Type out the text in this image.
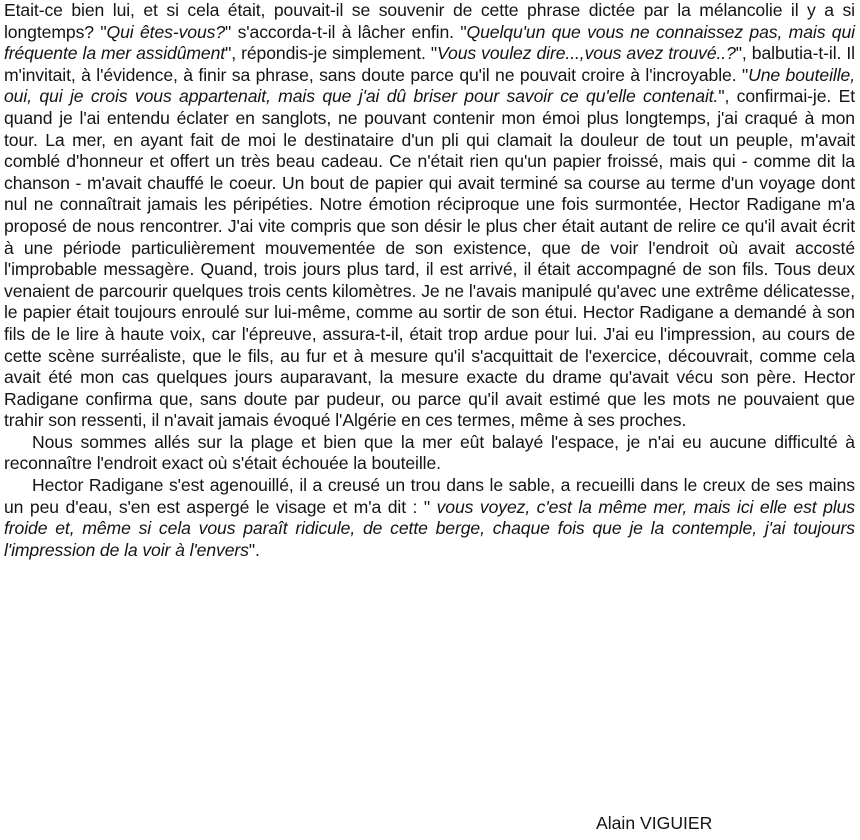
Etait-ce bien lui, et si cela était, pouvait-il se souvenir de cette phrase dictée par la mélancolie il y a si longtemps? "Qui êtes-vous?" s'accorda-t-il à lâcher enfin. "Quelqu'un que vous ne connaissez pas, mais qui fréquente la mer assidûment", répondis-je simplement. "Vous voulez dire...,vous avez trouvé..?", balbutia-t-il. Il m'invitait, à l'évidence, à finir sa phrase, sans doute parce qu'il ne pouvait croire à l'incroyable. "Une bouteille, oui, qui je crois vous appartenait, mais que j'ai dû briser pour savoir ce qu'elle contenait.", confirmai-je. Et quand je l'ai entendu éclater en sanglots, ne pouvant contenir mon émoi plus longtemps, j'ai craqué à mon tour. La mer, en ayant fait de moi le destinataire d'un pli qui clamait la douleur de tout un peuple, m'avait comblé d'honneur et offert un très beau cadeau. Ce n'était rien qu'un papier froissé, mais qui - comme dit la chanson - m'avait chauffé le coeur. Un bout de papier qui avait terminé sa course au terme d'un voyage dont nul ne connaîtrait jamais les péripéties. Notre émotion réciproque une fois surmontée, Hector Radigane m'a proposé de nous rencontrer. J'ai vite compris que son désir le plus cher était autant de relire ce qu'il avait écrit à une période particulièrement mouvementée de son existence, que de voir l'endroit où avait accosté l'improbable messagère. Quand, trois jours plus tard, il est arrivé, il était accompagné de son fils. Tous deux venaient de parcourir quelques trois cents kilomètres. Je ne l'avais manipulé qu'avec une extrême délicatesse, le papier était toujours enroulé sur lui-même, comme au sortir de son étui. Hector Radigane a demandé à son fils de le lire à haute voix, car l'épreuve, assura-t-il, était trop ardue pour lui. J'ai eu l'impression, au cours de cette scène surréaliste, que le fils, au fur et à mesure qu'il s'acquittait de l'exercice, découvrait, comme cela avait été mon cas quelques jours auparavant, la mesure exacte du drame qu'avait vécu son père. Hector Radigane confirma que, sans doute par pudeur, ou parce qu'il avait estimé que les mots ne pouvaient que trahir son ressenti, il n'avait jamais évoqué l'Algérie en ces termes, même à ses proches.

Nous sommes allés sur la plage et bien que la mer eût balayé l'espace, je n'ai eu aucune difficulté à reconnaître l'endroit exact où s'était échouée la bouteille.

Hector Radigane s'est agenouillé, il a creusé un trou dans le sable, a recueilli dans le creux de ses mains un peu d'eau, s'en est aspergé le visage et m'a dit : " vous voyez, c'est la même mer, mais ici elle est plus froide et, même si cela vous paraît ridicule, de cette berge, chaque fois que je la contemple, j'ai toujours l'impression de la voir à l'envers".

Alain VIGUIER
